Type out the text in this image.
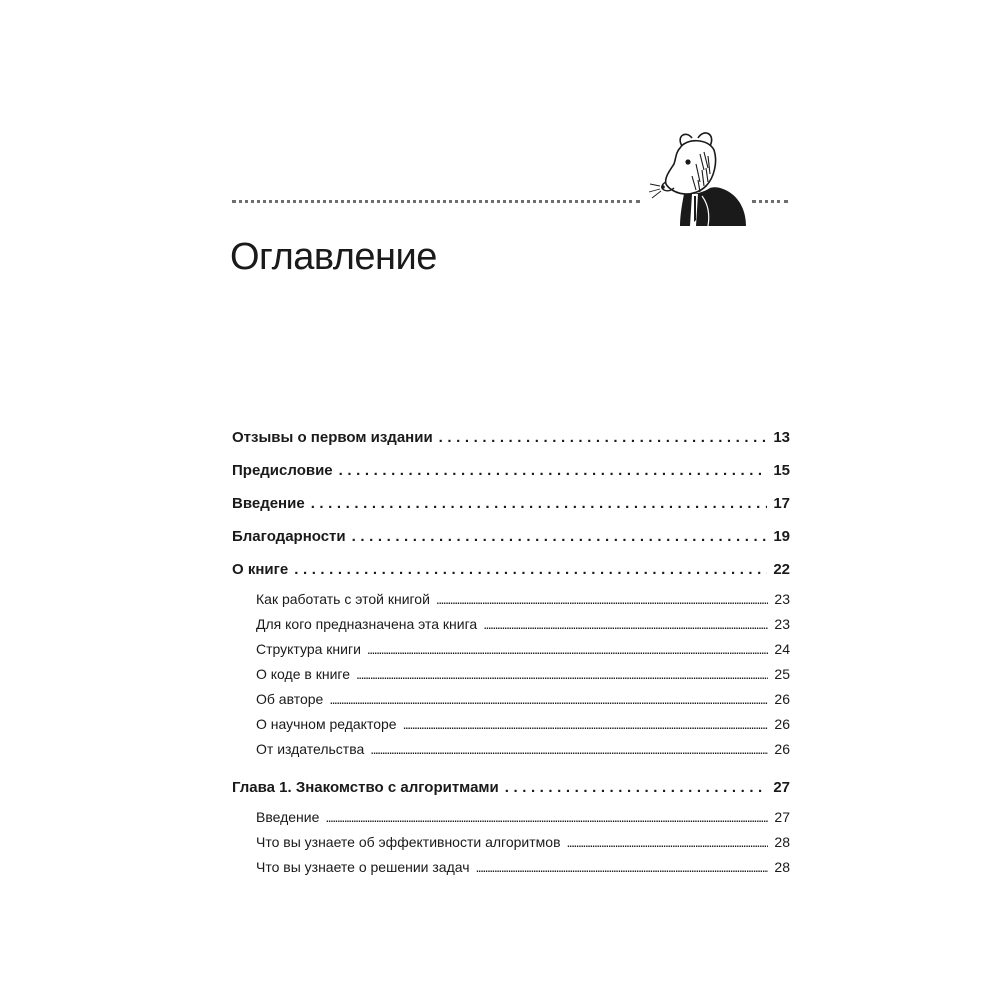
Оглавление
Отзывы о первом издании . . .	13
Предисловие . . .	15
Введение . . .	17
Благодарности . . .	19
О книге . . .	22
Как работать с этой книгой .....	23
Для кого предназначена эта книга .....	23
Структура книги .....	24
О коде в книге .....	25
Об авторе .....	26
О научном редакторе .....	26
От издательства .....	26
Глава 1. Знакомство с алгоритмами . . .	27
Введение .....	27
Что вы узнаете об эффективности алгоритмов .....	28
Что вы узнаете о решении задач .....	28
